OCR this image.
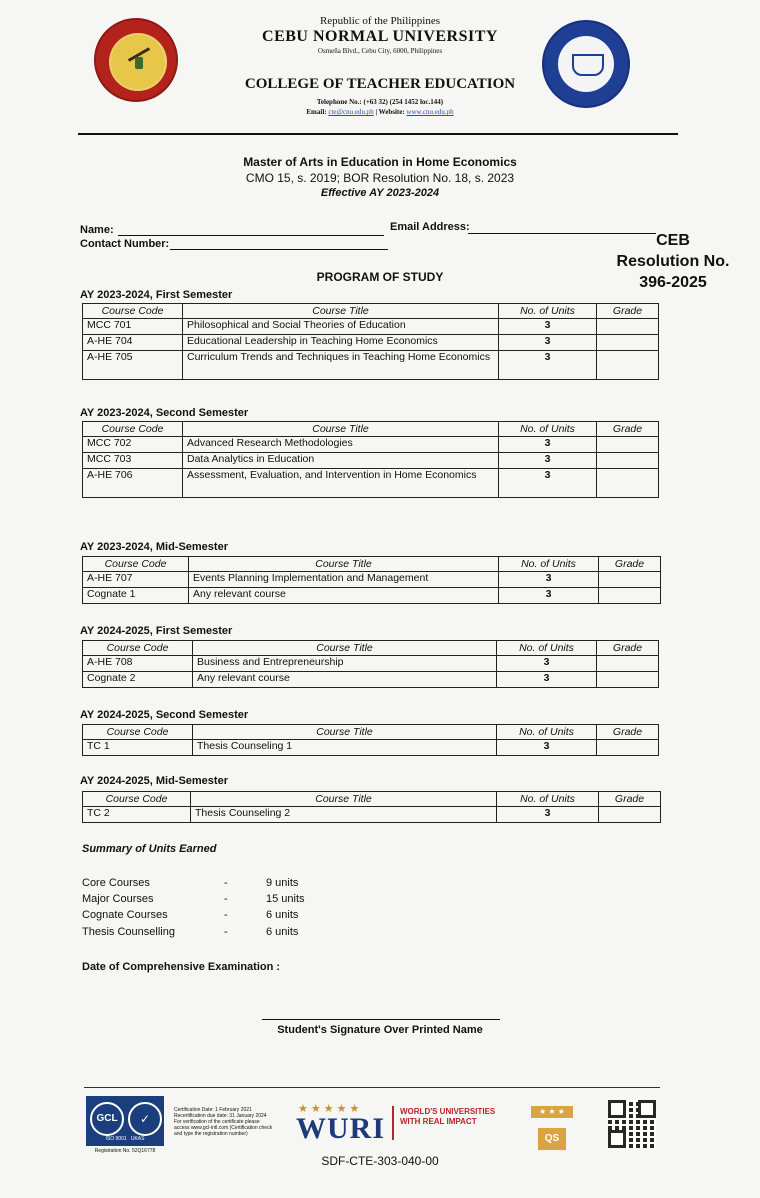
Republic of the Philippines
CEBU NORMAL UNIVERSITY
Osmeña Blvd., Cebu City, 6000, Philippines
COLLEGE OF TEACHER EDUCATION
Telephone No.: (+63 32) (254 1452 loc.144)
Email: cte@cnu.edu.ph | Website: www.cnu.edu.ph
Master of Arts in Education in Home Economics
CMO 15, s. 2019; BOR Resolution No. 18, s. 2023
Effective AY 2023-2024
Name:	Email Address:
Contact Number:	CEB
Resolution No.
396-2025
PROGRAM OF STUDY
AY 2023-2024, First Semester
Course Code	Course Title	No. of Units	Grade
MCC 701	Philosophical and Social Theories of Education	3	
A-HE 704	Educational Leadership in Teaching Home Economics	3	
A-HE 705	Curriculum Trends and Techniques in Teaching Home Economics	3	
AY 2023-2024, Second Semester
Course Code	Course Title	No. of Units	Grade
MCC 702	Advanced Research Methodologies	3	
MCC 703	Data Analytics in Education	3	
A-HE 706	Assessment, Evaluation, and Intervention in Home Economics	3	
AY 2023-2024, Mid-Semester
Course Code	Course Title	No. of Units	Grade
A-HE 707	Events Planning Implementation and Management	3	
Cognate 1	Any relevant course	3	
AY 2024-2025, First Semester
Course Code	Course Title	No. of Units	Grade
A-HE 708	Business and Entrepreneurship	3	
Cognate 2	Any relevant course	3	
AY 2024-2025, Second Semester
Course Code	Course Title	No. of Units	Grade
TC 1	Thesis Counseling 1	3	
AY 2024-2025, Mid-Semester
Course Code	Course Title	No. of Units	Grade
TC 2	Thesis Counseling 2	3	
Summary of Units Earned
Core Courses	-	9 units
Major Courses	-	15 units
Cognate Courses	-	6 units
Thesis Counselling	-	6 units
Date of Comprehensive Examination :
Student's Signature Over Printed Name
GCL	✓
ISO 9001 UKAS
Registration No. 52Q16778
Certification Date: 1 February 2021 Recertification due date: 31 January 2024 For verification of the certificate please access www.gcl-intl.com (Certification check and type the registration number)
★★★★★
WURI
WORLD'S UNIVERSITIES WITH REAL IMPACT
★ ★ ★
QS
SDF-CTE-303-040-00
